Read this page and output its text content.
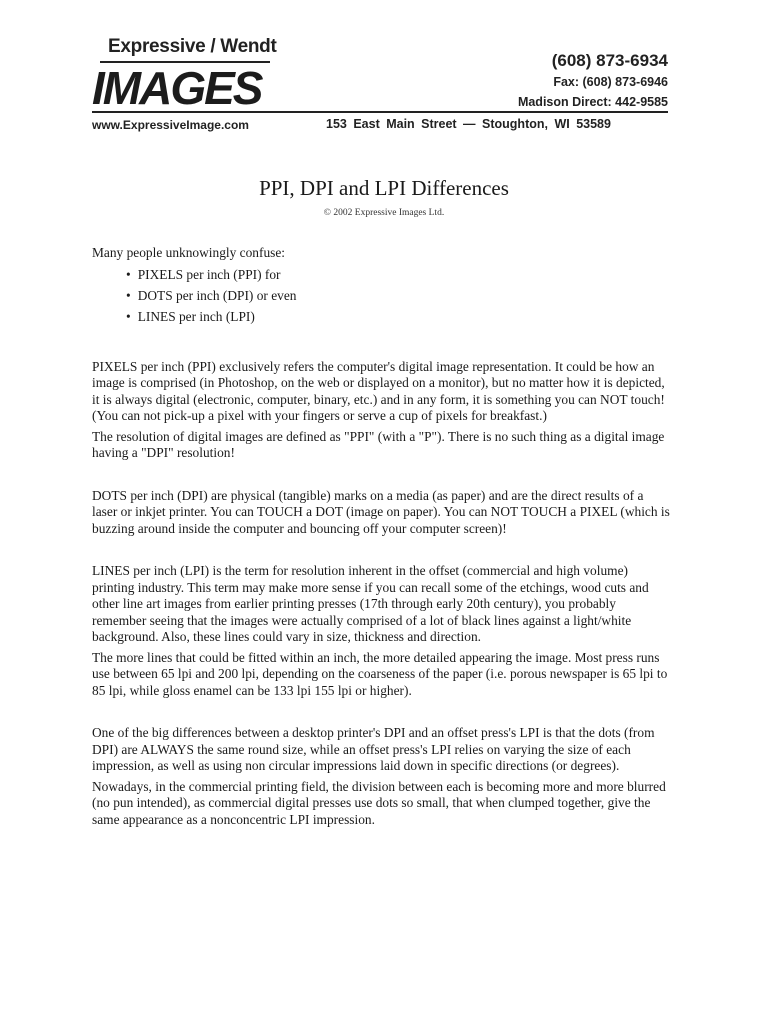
Expressive / Wendt
IMAGES
www.ExpressiveImage.com	153 East Main Street — Stoughton, WI 53589
(608) 873-6934
Fax: (608) 873-6946
Madison Direct: 442-9585
PPI, DPI and LPI Differences
© 2002 Expressive Images Ltd.

Many people unknowingly confuse:

• PIXELS per inch (PPI) for
• DOTS per inch (DPI) or even
• LINES per inch (LPI)

PIXELS per inch (PPI) exclusively refers the computer's digital image representation. It could be how an image is comprised (in Photoshop, on the web or displayed on a monitor), but no matter how it is depicted, it is always digital (electronic, computer, binary, etc.) and in any form, it is something you can NOT touch! (You can not pick-up a pixel with your fingers or serve a cup of pixels for breakfast.)

The resolution of digital images are defined as "PPI" (with a "P"). There is no such thing as a digital image having a "DPI" resolution!

DOTS per inch (DPI) are physical (tangible) marks on a media (as paper) and are the direct results of a laser or inkjet printer. You can TOUCH a DOT (image on paper). You can NOT TOUCH a PIXEL (which is buzzing around inside the computer and bouncing off your computer screen)!

LINES per inch (LPI) is the term for resolution inherent in the offset (commercial and high volume) printing industry. This term may make more sense if you can recall some of the etchings, wood cuts and other line art images from earlier printing presses (17th through early 20th century), you probably remember seeing that the images were actually comprised of a lot of black lines against a light/white background. Also, these lines could vary in size, thickness and direction.

The more lines that could be fitted within an inch, the more detailed appearing the image. Most press runs use between 65 lpi and 200 lpi, depending on the coarseness of the paper (i.e. porous newspaper is 65 lpi to 85 lpi, while gloss enamel can be 133 lpi 155 lpi or higher).

One of the big differences between a desktop printer's DPI and an offset press's LPI is that the dots (from DPI) are ALWAYS the same round size, while an offset press's LPI relies on varying the size of each impression, as well as using non circular impressions laid down in specific directions (or degrees).

Nowadays, in the commercial printing field, the division between each is becoming more and more blurred (no pun intended), as commercial digital presses use dots so small, that when clumped together, give the same appearance as a nonconcentric LPI impression.
